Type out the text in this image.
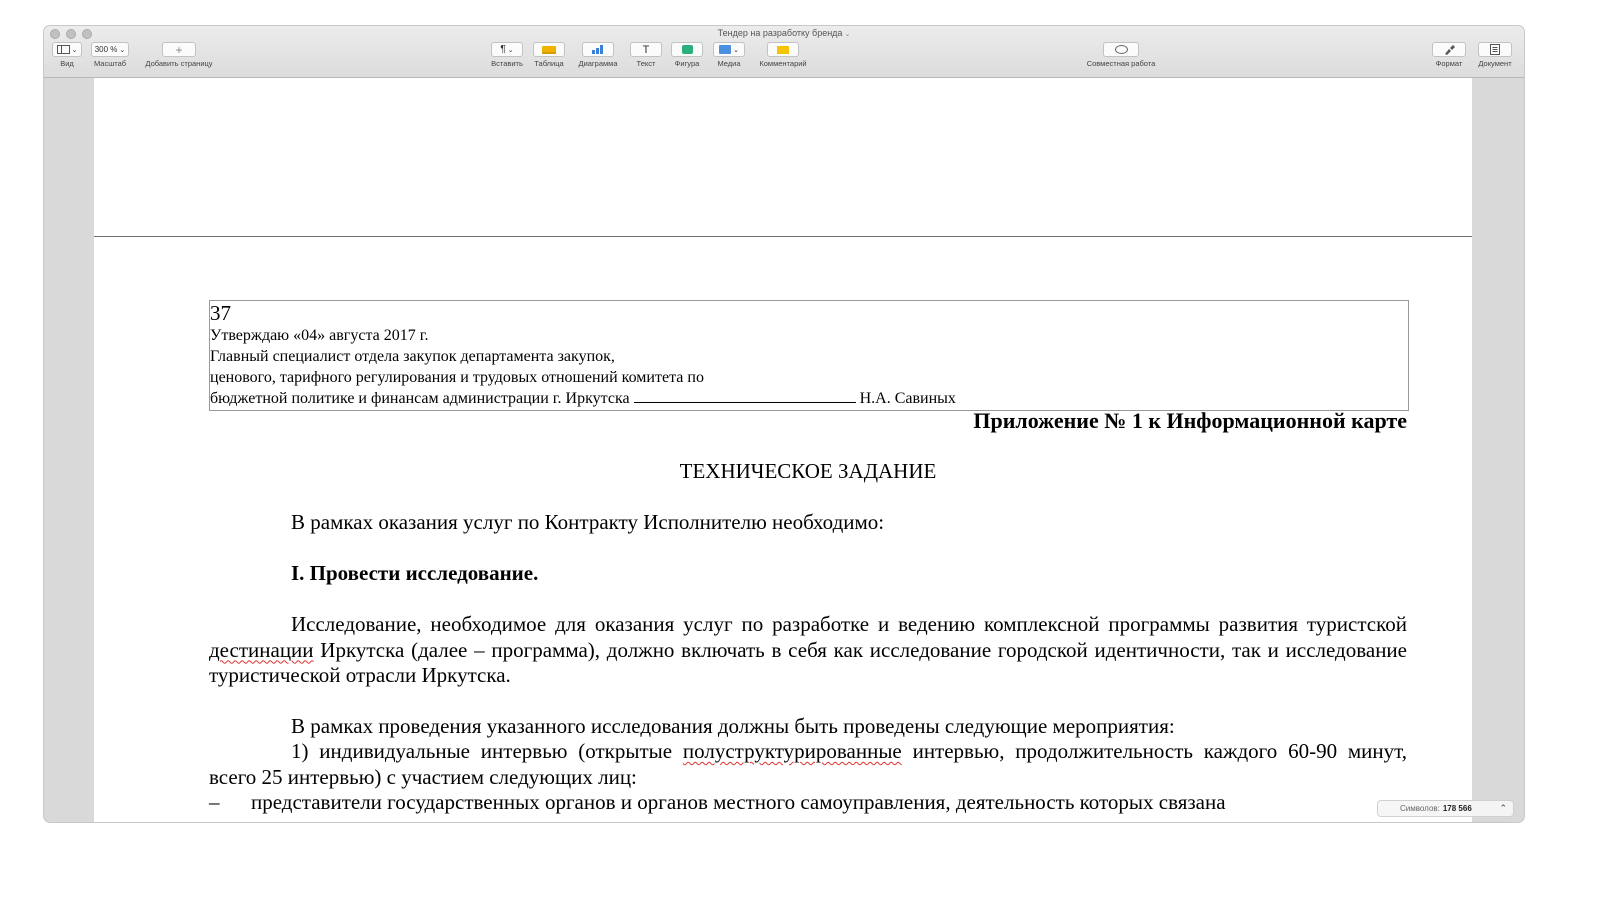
Тендер на разработку бренда ⌄
⌄
Вид
300 % ⌄
Масштаб
+
Добавить страницу
¶ ⌄
Вставить	Таблица	Диаграмма
T
Текст	Фигура
⌄
Медиа	Комментарий	Совместная работа	Формат	Документ
37
Утверждаю «04» августа 2017 г.
Главный специалист отдела закупок департамента закупок,
ценового, тарифного регулирования и трудовых отношений комитета по
бюджетной политике и финансам администрации г. Иркутска	Н.А. Савиных
Приложение № 1 к Информационной карте
ТЕХНИЧЕСКОЕ ЗАДАНИЕ
В рамках оказания услуг по Контракту Исполнителю необходимо:
I. Провести исследование.
Исследование, необходимое для оказания услуг по разработке и ведению комплексной программы развития туристской дестинации Иркутска (далее – программа), должно включать в себя как исследование городской идентичности, так и исследование туристической отрасли Иркутска.
В рамках проведения указанного исследования должны быть проведены следующие мероприятия:
1) индивидуальные интервью (открытые полуструктурированные интервью, продолжительность каждого 60-90 минут, всего 25 интервью) с участием следующих лиц:
– представители государственных органов и органов местного самоуправления, деятельность которых связана	Символов: 178 566	⌃
